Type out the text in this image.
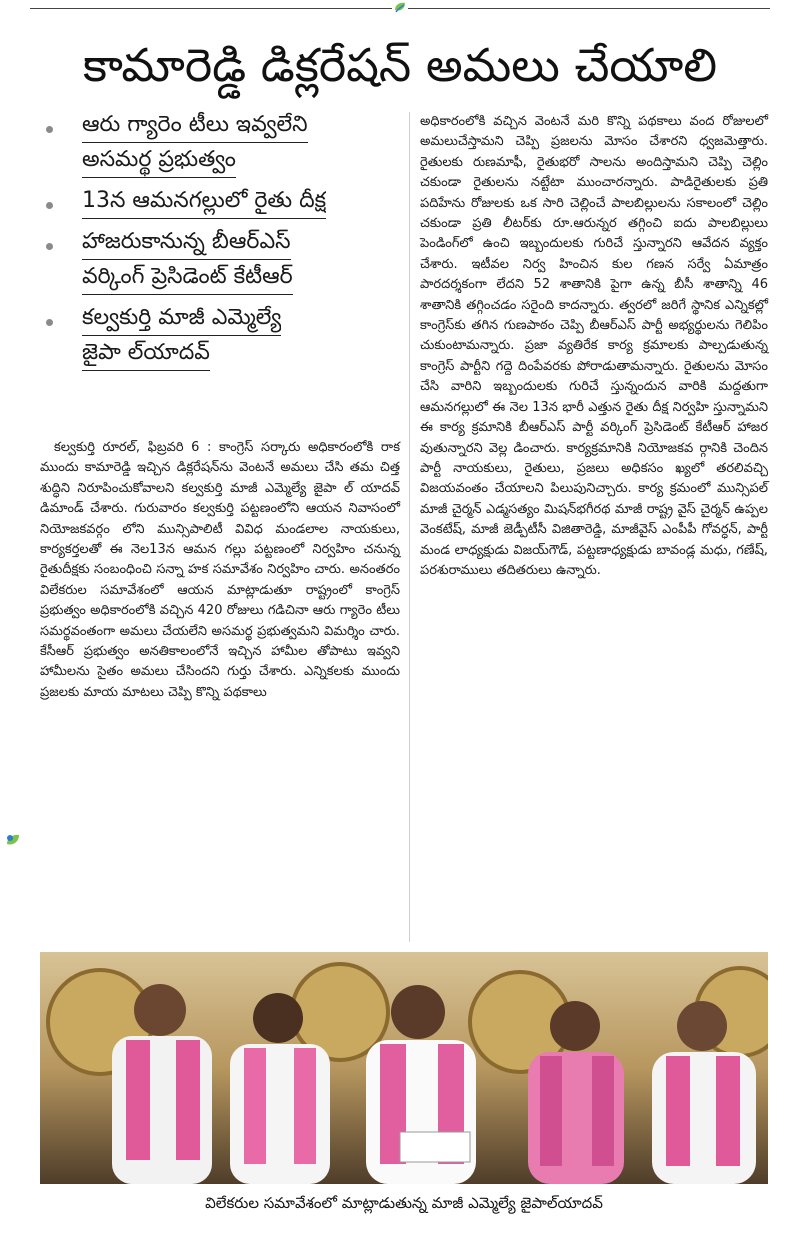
కామారెడ్డి డిక్లరేషన్ అమలు చేయాలి
ఆరు గ్యారెం టీలు ఇవ్వలేని
అసమర్థ ప్రభుత్వం
13న ఆమనగల్లులో రైతు దీక్ష
హాజరుకానున్న బీఆర్ఎస్
వర్కింగ్ ప్రెసిడెంట్ కేటీఆర్
కల్వకుర్తి మాజీ ఎమ్మెల్యే
జైపా ల్‌యాదవ్

కల్వకుర్తి రూరల్, ఫిబ్రవరి 6 : కాంగ్రెస్ సర్కారు అధికారంలోకి రాక ముందు కామారెడ్డి ఇచ్చిన డిక్లరేషన్‌ను వెంటనే అమలు చేసి తమ చిత్త శుద్ధిని నిరూపించుకోవాలని కల్వకుర్తి మాజీ ఎమ్మెల్యే జైపా ల్ యాదవ్ డిమాండ్ చేశారు. గురువారం కల్వకుర్తి పట్టణంలోని ఆయన నివాసంలో నియోజకవర్గం లోని మున్సిపాలిటీ వివిధ మండలాల నాయకులు, కార్యకర్తలతో ఈ నెల13న ఆమన గల్లు పట్టణంలో నిర్వహిం చనున్న రైతుదీక్షకు సంబంధించి సన్నా హక సమావేశం నిర్వహిం చారు. అనంతరం విలేకరుల సమావేశంలో ఆయన మాట్లాడుతూ రాష్ట్రంలో కాంగ్రెస్ ప్రభుత్వం అధికారంలోకి వచ్చిన 420 రోజులు గడిచినా ఆరు గ్యారెం టీలు సమర్థవంతంగా అమలు చేయలేని అసమర్థ ప్రభుత్వమని విమర్శిం చారు. కేసీఆర్ ప్రభుత్వం అనతికాలంలోనే ఇచ్చిన హామీల తోపాటు ఇవ్వని హామీలను సైతం అమలు చేసిందని గుర్తు చేశారు. ఎన్నికలకు ముందు ప్రజలకు మాయ మాటలు చెప్పి కొన్ని పథకాలు

అధికారంలోకి వచ్చిన వెంటనే మరి కొన్ని పథకాలు వంద రోజులలో అమలుచేస్తామని చెప్పి ప్రజలను మోసం చేశారని ధ్వజమెత్తారు. రైతులకు రుణమాఫీ, రైతుభరో సాలను అందిస్తామని చెప్పి చెల్లిం చకుండా రైతులను నట్టేటా ముంచారన్నారు. పాడిరైతులకు ప్రతి పదిహేను రోజులకు ఒక సారి చెల్లించే పాలబిల్లులను సకాలంలో చెల్లిం చకుండా ప్రతి లీటర్‌కు రూ.ఆరున్నర తగ్గించి ఐదు పాలబిల్లులు పెండింగ్‌లో ఉంచి ఇబ్బందులకు గురిచే స్తున్నారని ఆవేదన వ్యక్తం చేశారు. ఇటీవల నిర్వ హించిన కుల గణన సర్వే ఏమాత్రం పారదర్శకంగా లేదని 52 శాతానికి పైగా ఉన్న బీసీ శాతాన్ని 46 శాతానికి తగ్గించడం సరైంది కాదన్నారు. త్వరలో జరిగే స్థానిక ఎన్నికల్లో కాంగ్రెస్‌కు తగిన గుణపాఠం చెప్పి బీఆర్ఎస్ పార్టీ అభ్యర్థులను గెలిపిం చుకుంటామన్నారు. ప్రజా వ్యతిరేక కార్య క్రమాలకు పాల్పడుతున్న కాంగ్రెస్ పార్టీని గద్దె దింపేవరకు పోరాడుతామన్నారు. రైతులను మోసం చేసి వారిని ఇబ్బందులకు గురిచే స్తున్నందున వారికి మద్దతుగా ఆమనగల్లులో ఈ నెల 13న భారీ ఎత్తున రైతు దీక్ష నిర్వహి స్తున్నామని ఈ కార్య క్రమానికి బీఆర్ఎస్ పార్టీ వర్కింగ్ ప్రెసిడెంట్ కేటీఆర్ హాజర వుతున్నారని వెల్ల డించారు. కార్యక్రమానికి నియోజకవ ర్గానికి చెందిన పార్టీ నాయకులు, రైతులు, ప్రజలు అధికసం ఖ్యలో తరలివచ్చి విజయవంతం చేయాలని పిలుపునిచ్చారు. కార్య క్రమంలో మున్సిపల్ మాజీ చైర్మన్ ఎడ్మసత్యం మిషన్‌భగీరథ మాజీ రాష్ట్ర వైస్ చైర్మన్ ఉప్పల వెంకటేష్, మాజీ జెడ్పీటీసీ విజితారెడ్డి, మాజీవైస్ ఎంపీపీ గోవర్ధన్, పార్టీ మండ లాధ్యక్షుడు విజయ్‌గౌడ్, పట్టణాధ్యక్షుడు బావండ్ల మధు, గణేష్, పరశురాములు తదితరులు ఉన్నారు.

విలేకరుల సమావేశంలో మాట్లాడుతున్న మాజీ ఎమ్మెల్యే జైపాల్‌యాదవ్
